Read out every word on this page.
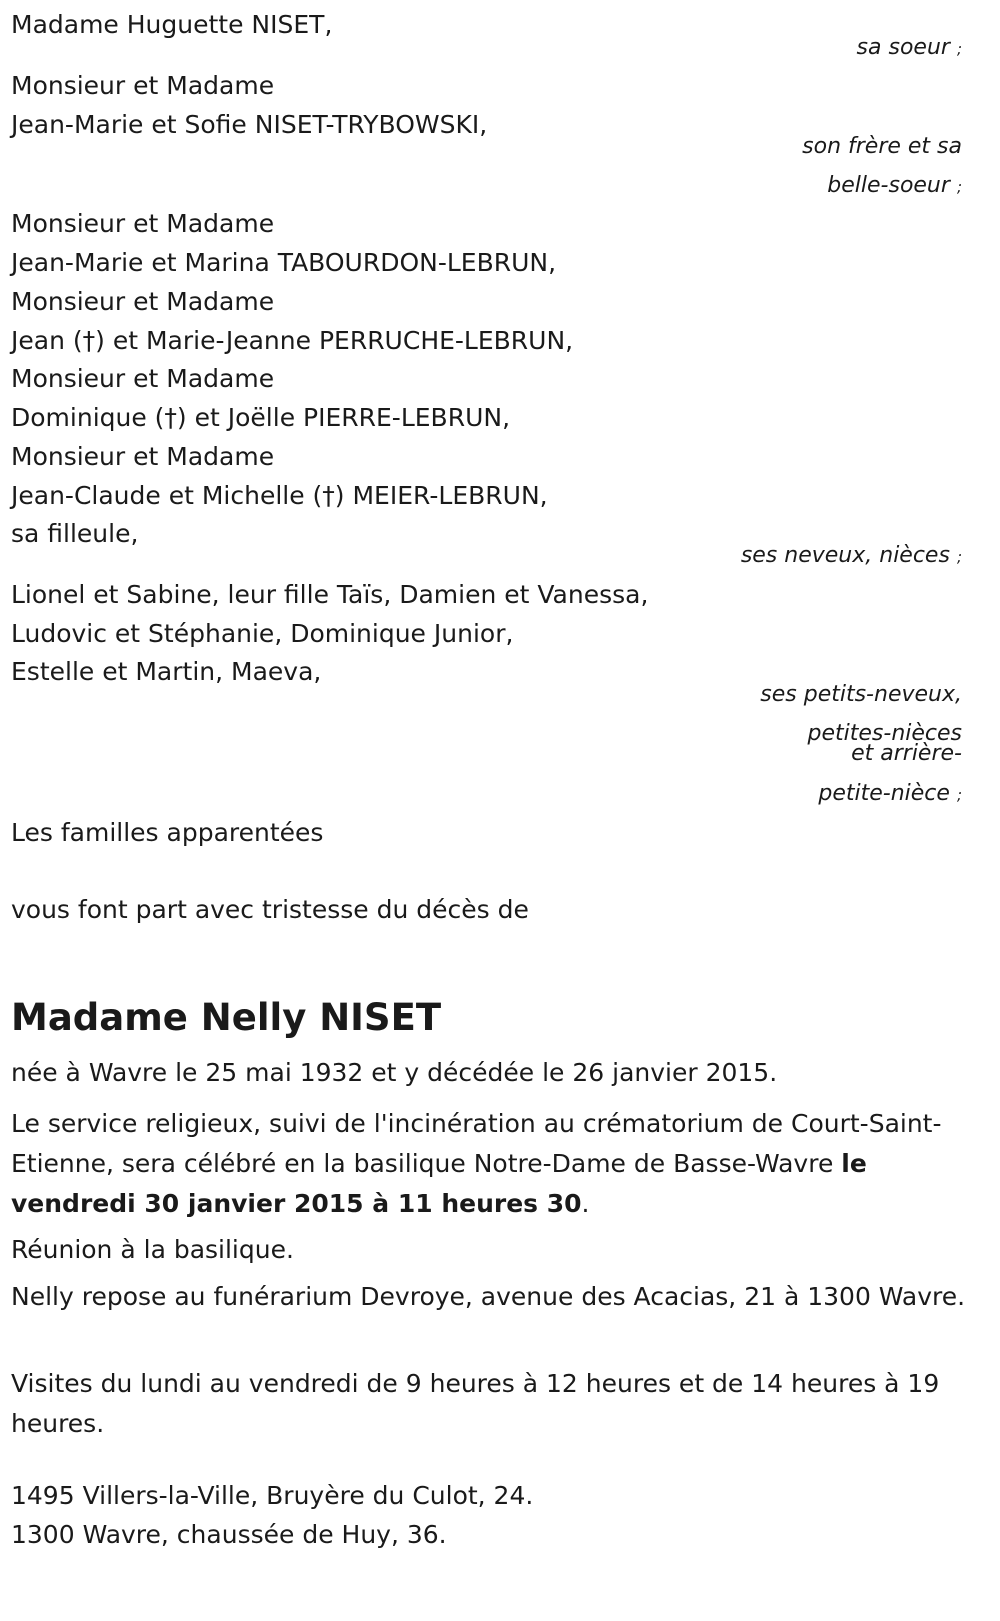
Madame Huguette NISET,
sa soeur ;
Monsieur et Madame
Jean-Marie et Sofie NISET-TRYBOWSKI,
son frère et sa
belle-soeur ;
Monsieur et Madame
Jean-Marie et Marina TABOURDON-LEBRUN,
Monsieur et Madame
Jean (†) et Marie-Jeanne PERRUCHE-LEBRUN,
Monsieur et Madame
Dominique (†) et Joëlle PIERRE-LEBRUN,
Monsieur et Madame
Jean-Claude et Michelle (†) MEIER-LEBRUN,
sa filleule,
ses neveux, nièces ;
Lionel et Sabine, leur fille Taïs, Damien et Vanessa,
Ludovic et Stéphanie, Dominique Junior,
Estelle et Martin, Maeva,
ses petits-neveux,
petites-nièces
et arrière-
petite-nièce ;
Les familles apparentées
vous font part avec tristesse du décès de
Madame Nelly NISET
née à Wavre le 25 mai 1932 et y décédée le 26 janvier 2015.
Le service religieux, suivi de l'incinération au crématorium de Court-Saint-Etienne, sera célébré en la basilique Notre-Dame de Basse-Wavre le vendredi 30 janvier 2015 à 11 heures 30.
Réunion à la basilique.
Nelly repose au funérarium Devroye, avenue des Acacias, 21 à 1300 Wavre.
Visites du lundi au vendredi de 9 heures à 12 heures et de 14 heures à 19 heures.
1495 Villers-la-Ville, Bruyère du Culot, 24.
1300 Wavre, chaussée de Huy, 36.
